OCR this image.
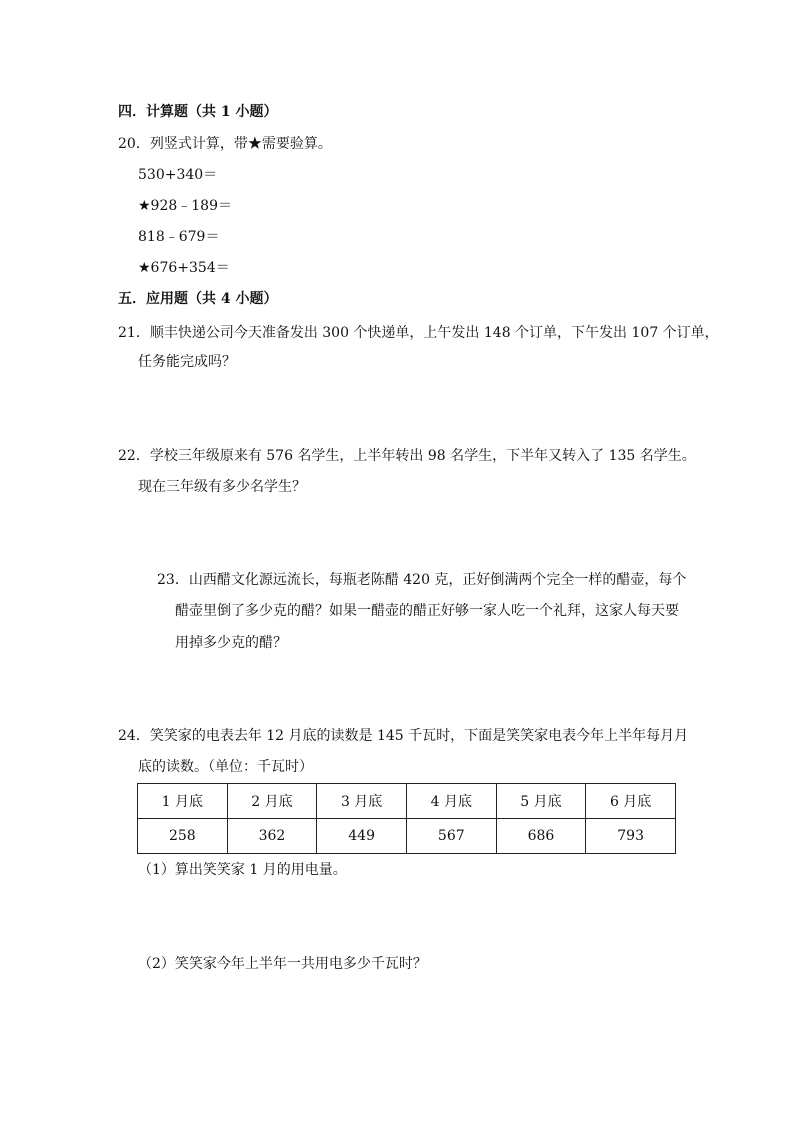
四．计算题（共 1 小题）
20．列竖式计算，带★需要验算。
530+340＝
★928﹣189＝
818﹣679＝
★676+354＝
五．应用题（共 4 小题）
21．顺丰快递公司今天准备发出 300 个快递单，上午发出 148 个订单，下午发出 107 个订单，
任务能完成吗？
22．学校三年级原来有 576 名学生，上半年转出 98 名学生，下半年又转入了 135 名学生。
现在三年级有多少名学生？
23．山西醋文化源远流长，每瓶老陈醋 420 克，正好倒满两个完全一样的醋壶，每个
醋壶里倒了多少克的醋？如果一醋壶的醋正好够一家人吃一个礼拜，这家人每天要
用掉多少克的醋？
24．笑笑家的电表去年 12 月底的读数是 145 千瓦时，下面是笑笑家电表今年上半年每月月
底的读数。（单位：千瓦时）
1 月底	2 月底	3 月底	4 月底	5 月底	6 月底
258	362	449	567	686	793
（1）算出笑笑家 1 月的用电量。
（2）笑笑家今年上半年一共用电多少千瓦时？
